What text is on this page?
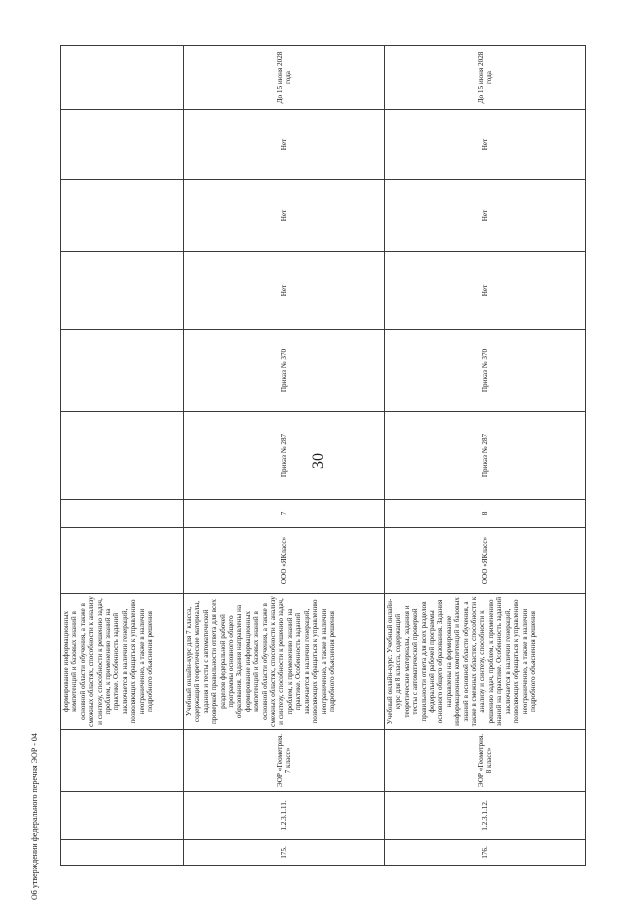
30
Об утверждении федерального перечня ЭОР - 04
			формирование информационных компетенций и базовых знаний в основной области обучения, а также в смежных областях, способности к анализу и синтезу, способности к решению задач, проблем, к применению знаний на практике. Особенность заданий заключается в наличии генераций, позволяющих обращаться к управлению неограниченно, а также в наличии подробного объяснения решения								
175.	1.2.3.1.11.	ЭОР «Геометрия. 7 класс»	Учебный онлайн-курс для 7 класса, содержащий теоретические материалы, задания и тесты с автоматической проверкой правильности ответа для всех разделов федеральной рабочей программы основного общего образования. Задания направлены на формирование информационных компетенций и базовых знаний в основной области обучения, а также в смежных областях, способности к анализу и синтезу, способности к решению задач, проблем, к применению знаний на практике. Особенность заданий заключается в наличии генераций, позволяющих обращаться к управлению неограниченно, а также в наличии подробного объяснения решения	ООО «ЯКласс»	7	Приказ № 287	Приказ № 370	Нет	Нет	Нет	До 15 июня 2028 года
176.	1.2.3.1.12.	ЭОР «Геометрия. 8 класс»	Учебный онлайн-курс. Учебный онлайн-курс для 8 класса, содержащий теоретические материалы, задания и тесты с автоматической проверкой правильности ответа для всех разделов федеральной рабочей программы основного общего образования. Задания направлены на формирование информационных компетенций и базовых знаний в основной области обучения, а также в смежных областях, способности к анализу и синтезу, способности к решению задач, проблем, к применению знаний на практике. Особенность заданий заключается в наличии генераций, позволяющих обращаться к управлению неограниченно, а также в наличии подробного объяснения решения	ООО «ЯКласс»	8	Приказ № 287	Приказ № 370	Нет	Нет	Нет	До 15 июня 2028 года
